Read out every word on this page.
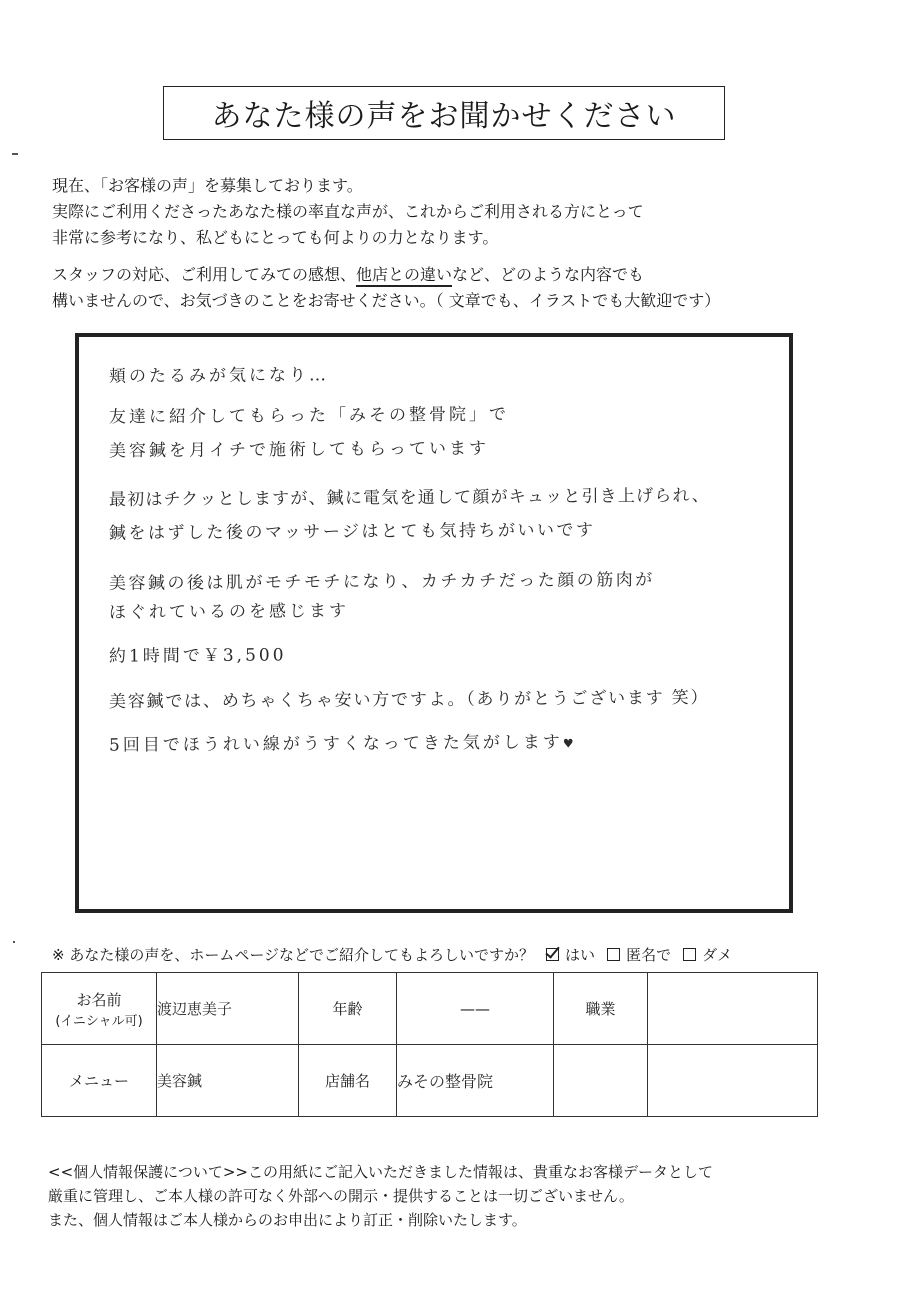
あなた様の声をお聞かせください

現在、「お客様の声」を募集しております。

実際にご利用くださったあなた様の率直な声が、これからご利用される方にとって

非常に参考になり、私どもにとっても何よりの力となります。

スタッフの対応、ご利用してみての感想、他店との違いなど、どのような内容でも

構いませんので、お気づきのことをお寄せください。（ 文章でも、イラストでも大歓迎です）

頬のたるみが気になり…
友達に紹介してもらった「みその整骨院」で
美容鍼を月イチで施術してもらっています
最初はチクッとしますが、鍼に電気を通して顔がキュッと引き上げられ、
鍼をはずした後のマッサージはとても気持ちがいいです
美容鍼の後は肌がモチモチになり、カチカチだった顔の筋肉が
ほぐれているのを感じます
約1時間で￥3,500
美容鍼では、めちゃくちゃ安い方ですよ。（ありがとうございます 笑）
5回目でほうれい線がうすくなってきた気がします♥
※ あなた様の声を、ホームページなどでご紹介してもよろしいですか？ はい 匿名で ダメ
お名前
(イニシャル可)	渡辺恵美子	年齢	——	職業	
メニュー	美容鍼	店舗名	みその整骨院		

<<個人情報保護について>>この用紙にご記入いただきました情報は、貴重なお客様データとして

厳重に管理し、ご本人様の許可なく外部への開示・提供することは一切ございません。

また、個人情報はご本人様からのお申出により訂正・削除いたします。
